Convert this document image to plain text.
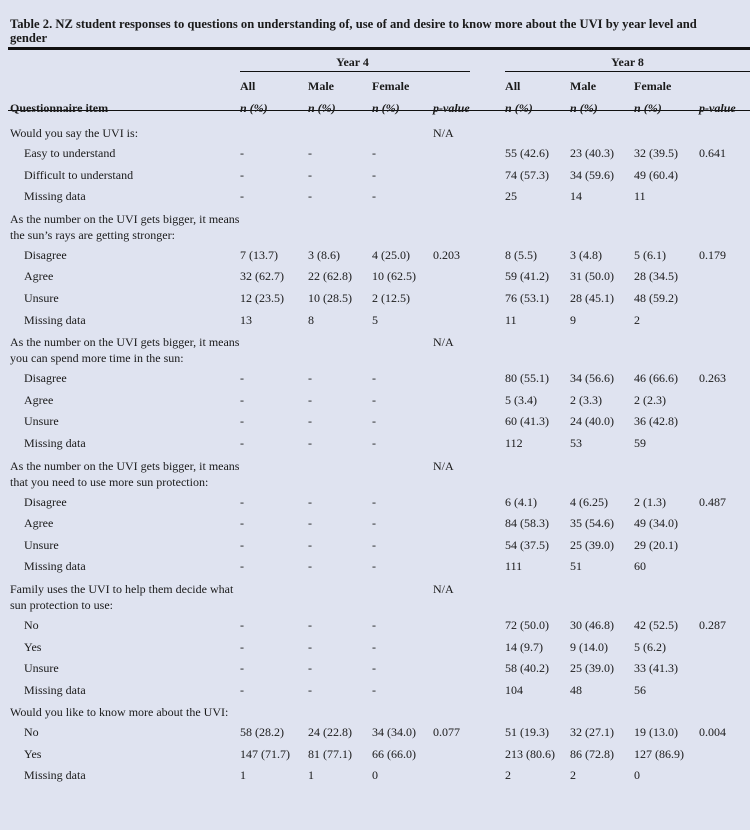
Table 2. NZ student responses to questions on understanding of, use of and desire to know more about the UVI by year level and gender
	Year 4				Year 8			
	All	Male	Female		All	Male	Female	
Questionnaire item	n (%)	n (%)	n (%)	p-value	n (%)	n (%)	n (%)	p-value

Would you say the UVI is:				N/A				
Easy to understand	-	-	-		55 (42.6)	23 (40.3)	32 (39.5)	0.641
Difficult to understand	-	-	-		74 (57.3)	34 (59.6)	49 (60.4)	
Missing data	-	-	-		25	14	11	
As the number on the UVI gets bigger, it means the sun’s rays are getting stronger:								
Disagree	7 (13.7)	3 (8.6)	4 (25.0)	0.203	8 (5.5)	3 (4.8)	5 (6.1)	0.179
Agree	32 (62.7)	22 (62.8)	10 (62.5)		59 (41.2)	31 (50.0)	28 (34.5)	
Unsure	12 (23.5)	10 (28.5)	2 (12.5)		76 (53.1)	28 (45.1)	48 (59.2)	
Missing data	13	8	5		11	9	2	
As the number on the UVI gets bigger, it means you can spend more time in the sun:				N/A				
Disagree	-	-	-		80 (55.1)	34 (56.6)	46 (66.6)	0.263
Agree	-	-	-		5 (3.4)	2 (3.3)	2 (2.3)	
Unsure	-	-	-		60 (41.3)	24 (40.0)	36 (42.8)	
Missing data	-	-	-		112	53	59	
As the number on the UVI gets bigger, it means that you need to use more sun protection:				N/A				
Disagree	-	-	-		6 (4.1)	4 (6.25)	2 (1.3)	0.487
Agree	-	-	-		84 (58.3)	35 (54.6)	49 (34.0)	
Unsure	-	-	-		54 (37.5)	25 (39.0)	29 (20.1)	
Missing data	-	-	-		111	51	60	
Family uses the UVI to help them decide what sun protection to use:				N/A				
No	-	-	-		72 (50.0)	30 (46.8)	42 (52.5)	0.287
Yes	-	-	-		14 (9.7)	9 (14.0)	5 (6.2)	
Unsure	-	-	-		58 (40.2)	25 (39.0)	33 (41.3)	
Missing data	-	-	-		104	48	56	
Would you like to know more about the UVI:								
No	58 (28.2)	24 (22.8)	34 (34.0)	0.077	51 (19.3)	32 (27.1)	19 (13.0)	0.004
Yes	147 (71.7)	81 (77.1)	66 (66.0)		213 (80.6)	86 (72.8)	127 (86.9)	
Missing data	1	1	0		2	2	0	
